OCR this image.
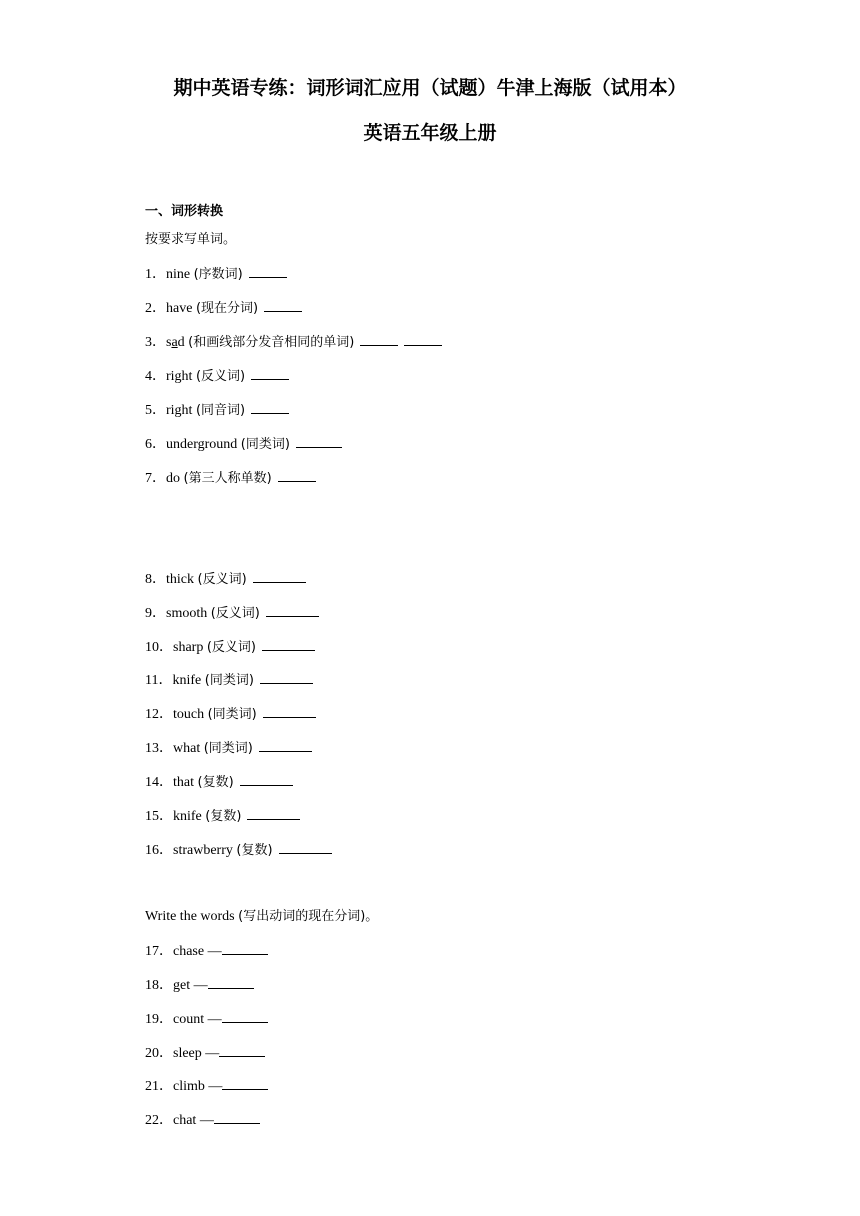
期中英语专练：词形词汇应用（试题）牛津上海版（试用本）
英语五年级上册
一、词形转换
按要求写单词。
1．nine (序数词)
2．have (现在分词)
3．sad (和画线部分发音相同的单词)
4．right (反义词)
5．right (同音词)
6．underground (同类词)
7．do (第三人称单数)
8．thick (反义词)
9．smooth (反义词)
10．sharp (反义词)
11．knife (同类词)
12．touch (同类词)
13．what (同类词)
14．that (复数)
15．knife (复数)
16．strawberry (复数)
Write the words (写出动词的现在分词)。
17．chase —
18．get —
19．count —
20．sleep —
21．climb —
22．chat —
